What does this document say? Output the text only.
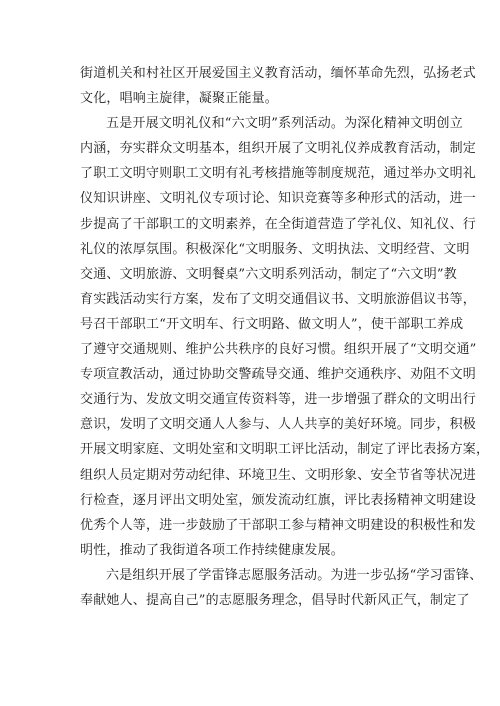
街道机关和村社区开展爱国主义教育活动，缅怀革命先烈，弘扬老式
文化，唱响主旋律，凝聚正能量。
五是开展文明礼仪和“六文明”系列活动。为深化精神文明创立
内涵，夯实群众文明基本，组织开展了文明礼仪养成教育活动，制定
了职工文明守则职工文明有礼考核措施等制度规范，通过举办文明礼
仪知识讲座、文明礼仪专项讨论、知识竞赛等多种形式的活动，进一
步提高了干部职工的文明素养，在全街道营造了学礼仪、知礼仪、行
礼仪的浓厚氛围。积极深化“文明服务、文明执法、文明经营、文明
交通、文明旅游、文明餐桌”六文明系列活动，制定了“六文明”教
育实践活动实行方案，发布了文明交通倡议书、文明旅游倡议书等，
号召干部职工“开文明车、行文明路、做文明人”，使干部职工养成
了遵守交通规则、维护公共秩序的良好习惯。组织开展了“文明交通”
专项宣教活动，通过协助交警疏导交通、维护交通秩序、劝阻不文明
交通行为、发放文明交通宣传资料等，进一步增强了群众的文明出行
意识，发明了文明交通人人参与、人人共享的美好环境。同步，积极
开展文明家庭、文明处室和文明职工评比活动，制定了评比表扬方案，
组织人员定期对劳动纪律、环境卫生、文明形象、安全节省等状况进
行检查，逐月评出文明处室，颁发流动红旗，评比表扬精神文明建设
优秀个人等，进一步鼓励了干部职工参与精神文明建设的积极性和发
明性，推动了我街道各项工作持续健康发展。
六是组织开展了学雷锋志愿服务活动。为进一步弘扬“学习雷锋、
奉献她人、提高自己”的志愿服务理念，倡导时代新风正气，制定了
